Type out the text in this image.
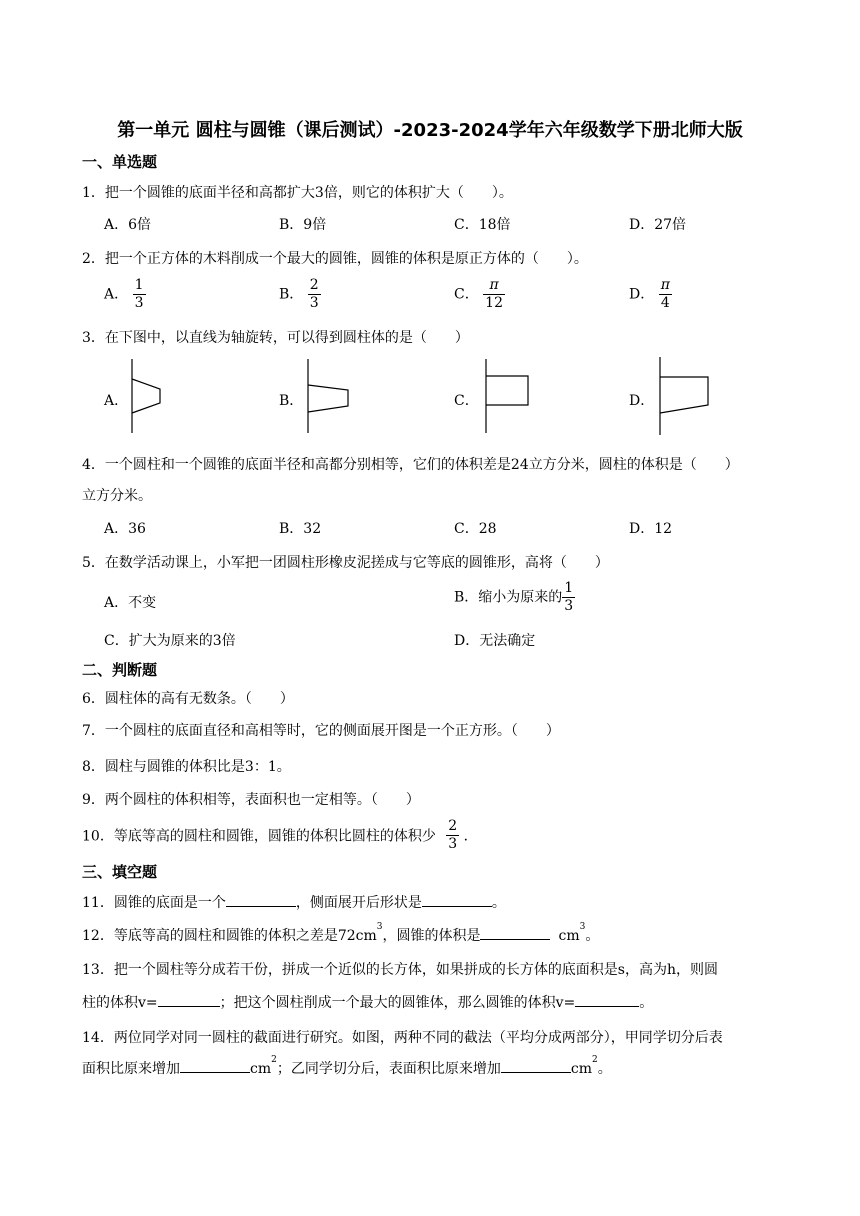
第一单元 圆柱与圆锥（课后测试）-2023-2024学年六年级数学下册北师大版
一、单选题
1．把一个圆锥的底面半径和高都扩大3倍，则它的体积扩大（　　）。
A．6倍	B．9倍	C．18倍	D．27倍
2．把一个正方体的木料削成一个最大的圆锥，圆锥的体积是原正方体的（　　）。
A． $\frac{1}{3}$	B． $\frac{2}{3}$	C． $\frac{\pi}{12}$	D． $\frac{\pi}{4}$
3．在下图中，以直线为轴旋转，可以得到圆柱体的是（　　）
A．	B．	C．	D．
4．一个圆柱和一个圆锥的底面半径和高都分别相等，它们的体积差是24立方分米，圆柱的体积是（　　）
立方分米。
A．36	B．32	C．28	D．12
5．在数学活动课上，小军把一团圆柱形橡皮泥搓成与它等底的圆锥形，高将（　　）
A．不变	B．缩小为原来的 $\frac{1}{3}$
C．扩大为原来的3倍	D．无法确定
二、判断题
6．圆柱体的高有无数条。（　　）
7．一个圆柱的底面直径和高相等时，它的侧面展开图是一个正方形。（　　）
8．圆柱与圆锥的体积比是3：1。
9．两个圆柱的体积相等，表面积也一定相等。（　　）
10．等底等高的圆柱和圆锥，圆锥的体积比圆柱的体积少 $\frac{2}{3}$ ．
三、填空题
11．圆锥的底面是一个	，侧面展开后形状是	。
12．等底等高的圆柱和圆锥的体积之差是$72cm^3$，圆锥的体积是	$cm^3$。
13．把一个圆柱等分成若干份，拼成一个近似的长方体，如果拼成的长方体的底面积是s，高为h，则圆
柱的体积v=	；把这个圆柱削成一个最大的圆锥体，那么圆锥的体积v=	。
14．两位同学对同一圆柱的截面进行研究。如图，两种不同的截法（平均分成两部分），甲同学切分后表
面积比原来增加	$cm^2$；乙同学切分后，表面积比原来增加	$cm^2$。
